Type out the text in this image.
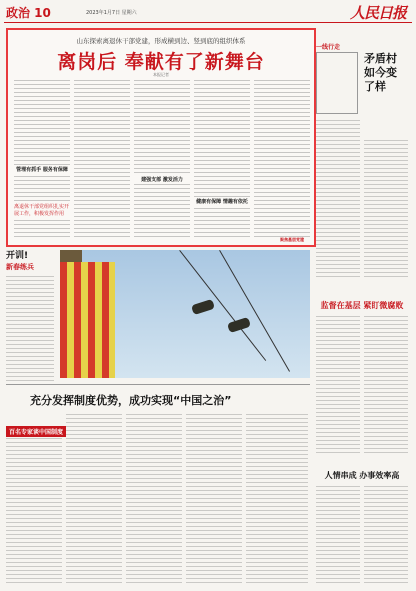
政治 10	2023年1月7日 星期六	人民日报
山东探索离退休干部党建，形成横到边、竖到底的组织体系
离岗后 奉献有了新舞台
本报记者
管理有抓手 服务有保障
建强支部 激发活力
健康有保障 情趣有依托
离退休干部党组织扎实开展工作，积极发挥作用
聚焦基层党建
一线行走
矛盾村如今变了样
开训!
新春练兵
监督在基层 紧盯微腐败
人情串成 办事效率高
充分发挥制度优势，成功实现“中国之治”
百名专家谈中国制度
